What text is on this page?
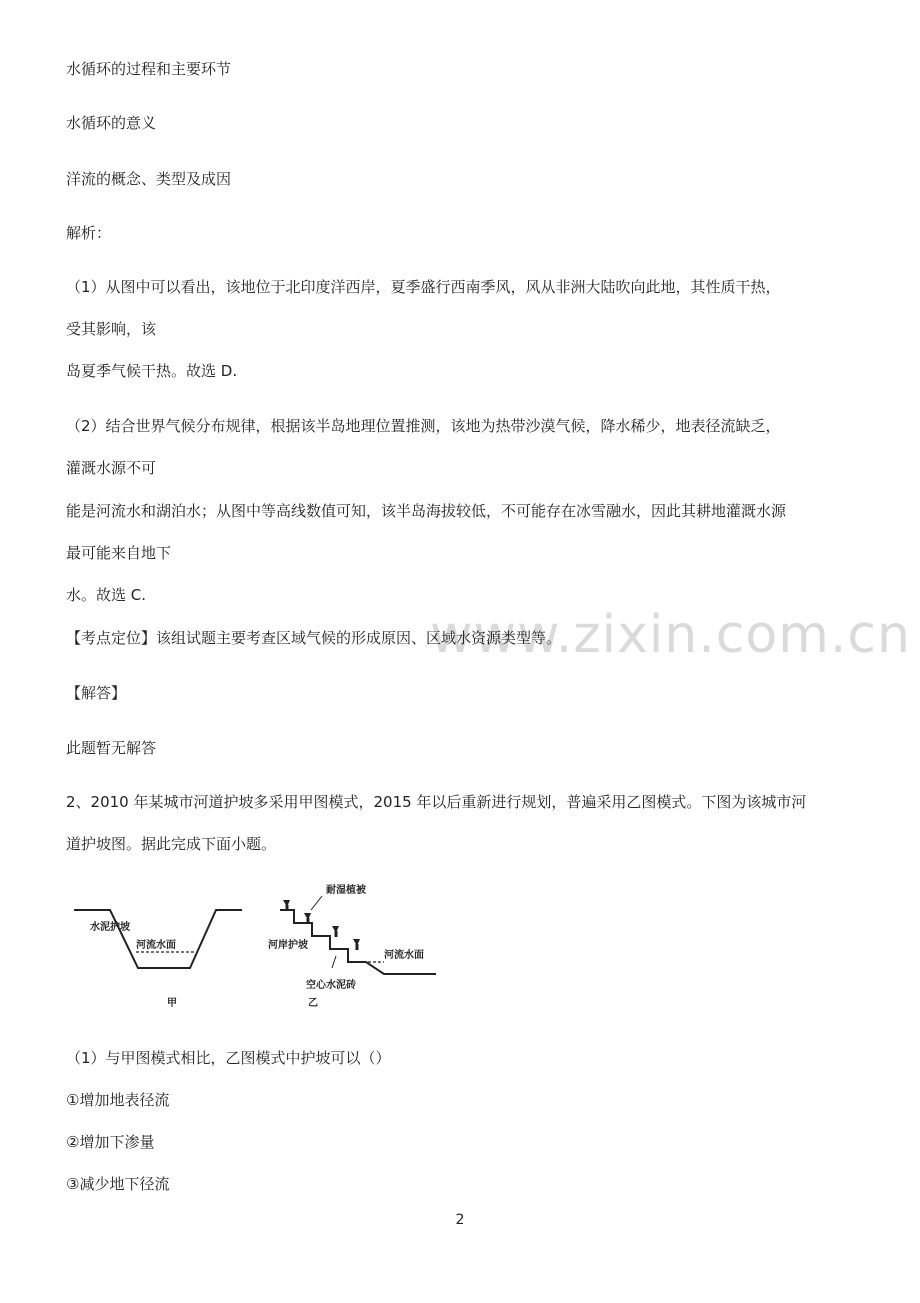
www.zixin.com.cn
水循环的过程和主要环节
水循环的意义
洋流的概念、类型及成因
解析：
（1）从图中可以看出，该地位于北印度洋西岸，夏季盛行西南季风，风从非洲大陆吹向此地，其性质干热，
受其影响，该
岛夏季气候干热。故选 D.
（2）结合世界气候分布规律，根据该半岛地理位置推测，该地为热带沙漠气候，降水稀少，地表径流缺乏，
灌溉水源不可
能是河流水和湖泊水；从图中等高线数值可知，该半岛海拔较低，不可能存在冰雪融水，因此其耕地灌溉水源
最可能来自地下
水。故选 C.
【考点定位】该组试题主要考查区域气候的形成原因、区域水资源类型等。
【解答】
此题暂无解答
2、2010 年某城市河道护坡多采用甲图模式，2015 年以后重新进行规划，普遍采用乙图模式。下图为该城市河
道护坡图。据此完成下面小题。
水泥护坡
河流水面
甲
耐湿植被
河岸护坡
河流水面
空心水泥砖
乙
（1）与甲图模式相比，乙图模式中护坡可以（）
①增加地表径流
②增加下渗量
③减少地下径流
2
